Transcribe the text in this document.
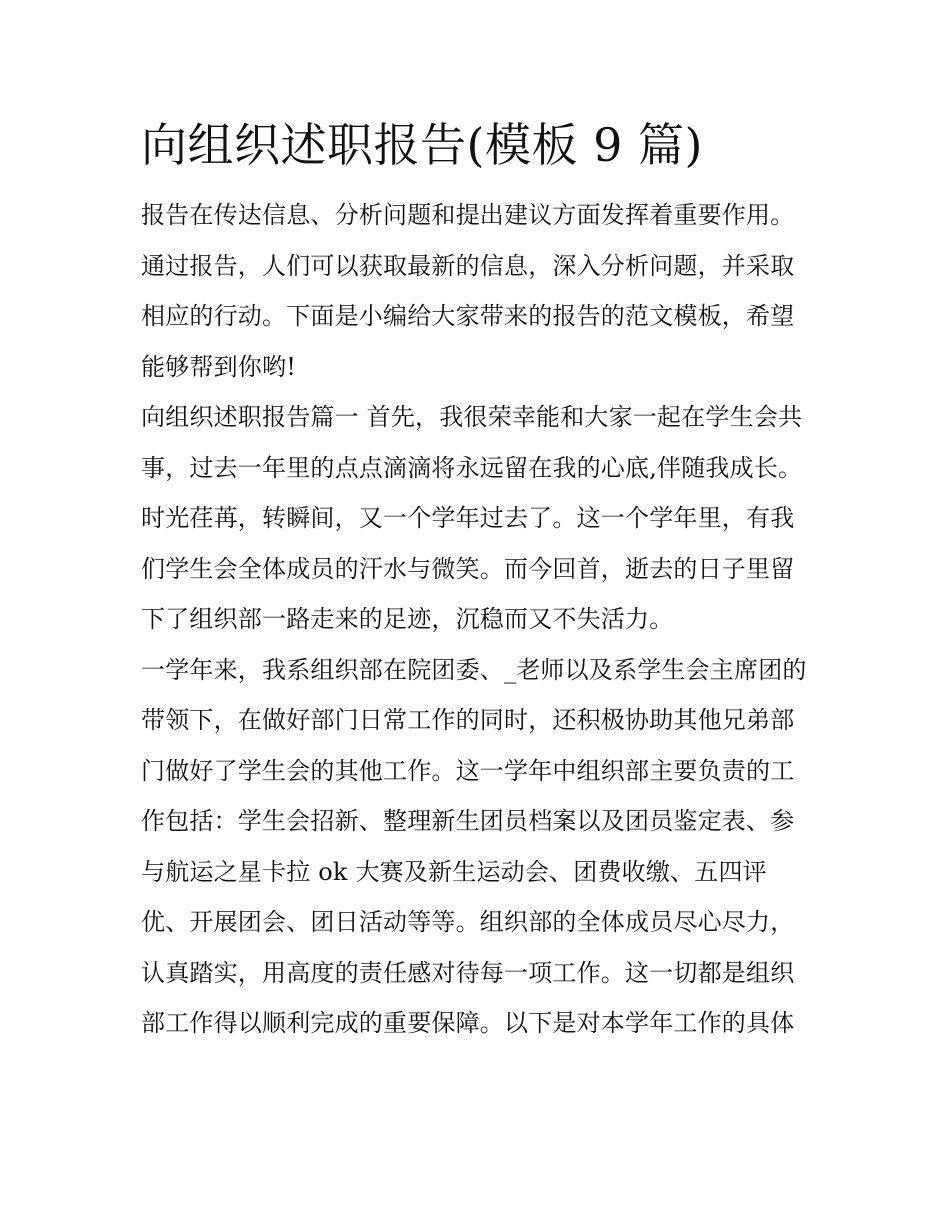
向组织述职报告(模板 9 篇)

报告在传达信息、分析问题和提出建议方面发挥着重要作用。通过报告，人们可以获取最新的信息，深入分析问题，并采取相应的行动。下面是小编给大家带来的报告的范文模板，希望能够帮到你哟!

向组织述职报告篇一 首先，我很荣幸能和大家一起在学生会共事，过去一年里的点点滴滴将永远留在我的心底,伴随我成长。

时光荏苒，转瞬间，又一个学年过去了。这一个学年里，有我们学生会全体成员的汗水与微笑。而今回首，逝去的日子里留下了组织部一路走来的足迹，沉稳而又不失活力。

一学年来，我系组织部在院团委、_老师以及系学生会主席团的带领下，在做好部门日常工作的同时，还积极协助其他兄弟部门做好了学生会的其他工作。这一学年中组织部主要负责的工作包括：学生会招新、整理新生团员档案以及团员鉴定表、参与航运之星卡拉 ok 大赛及新生运动会、团费收缴、五四评优、开展团会、团日活动等等。组织部的全体成员尽心尽力，认真踏实，用高度的责任感对待每一项工作。这一切都是组织部工作得以顺利完成的重要保障。以下是对本学年工作的具体
